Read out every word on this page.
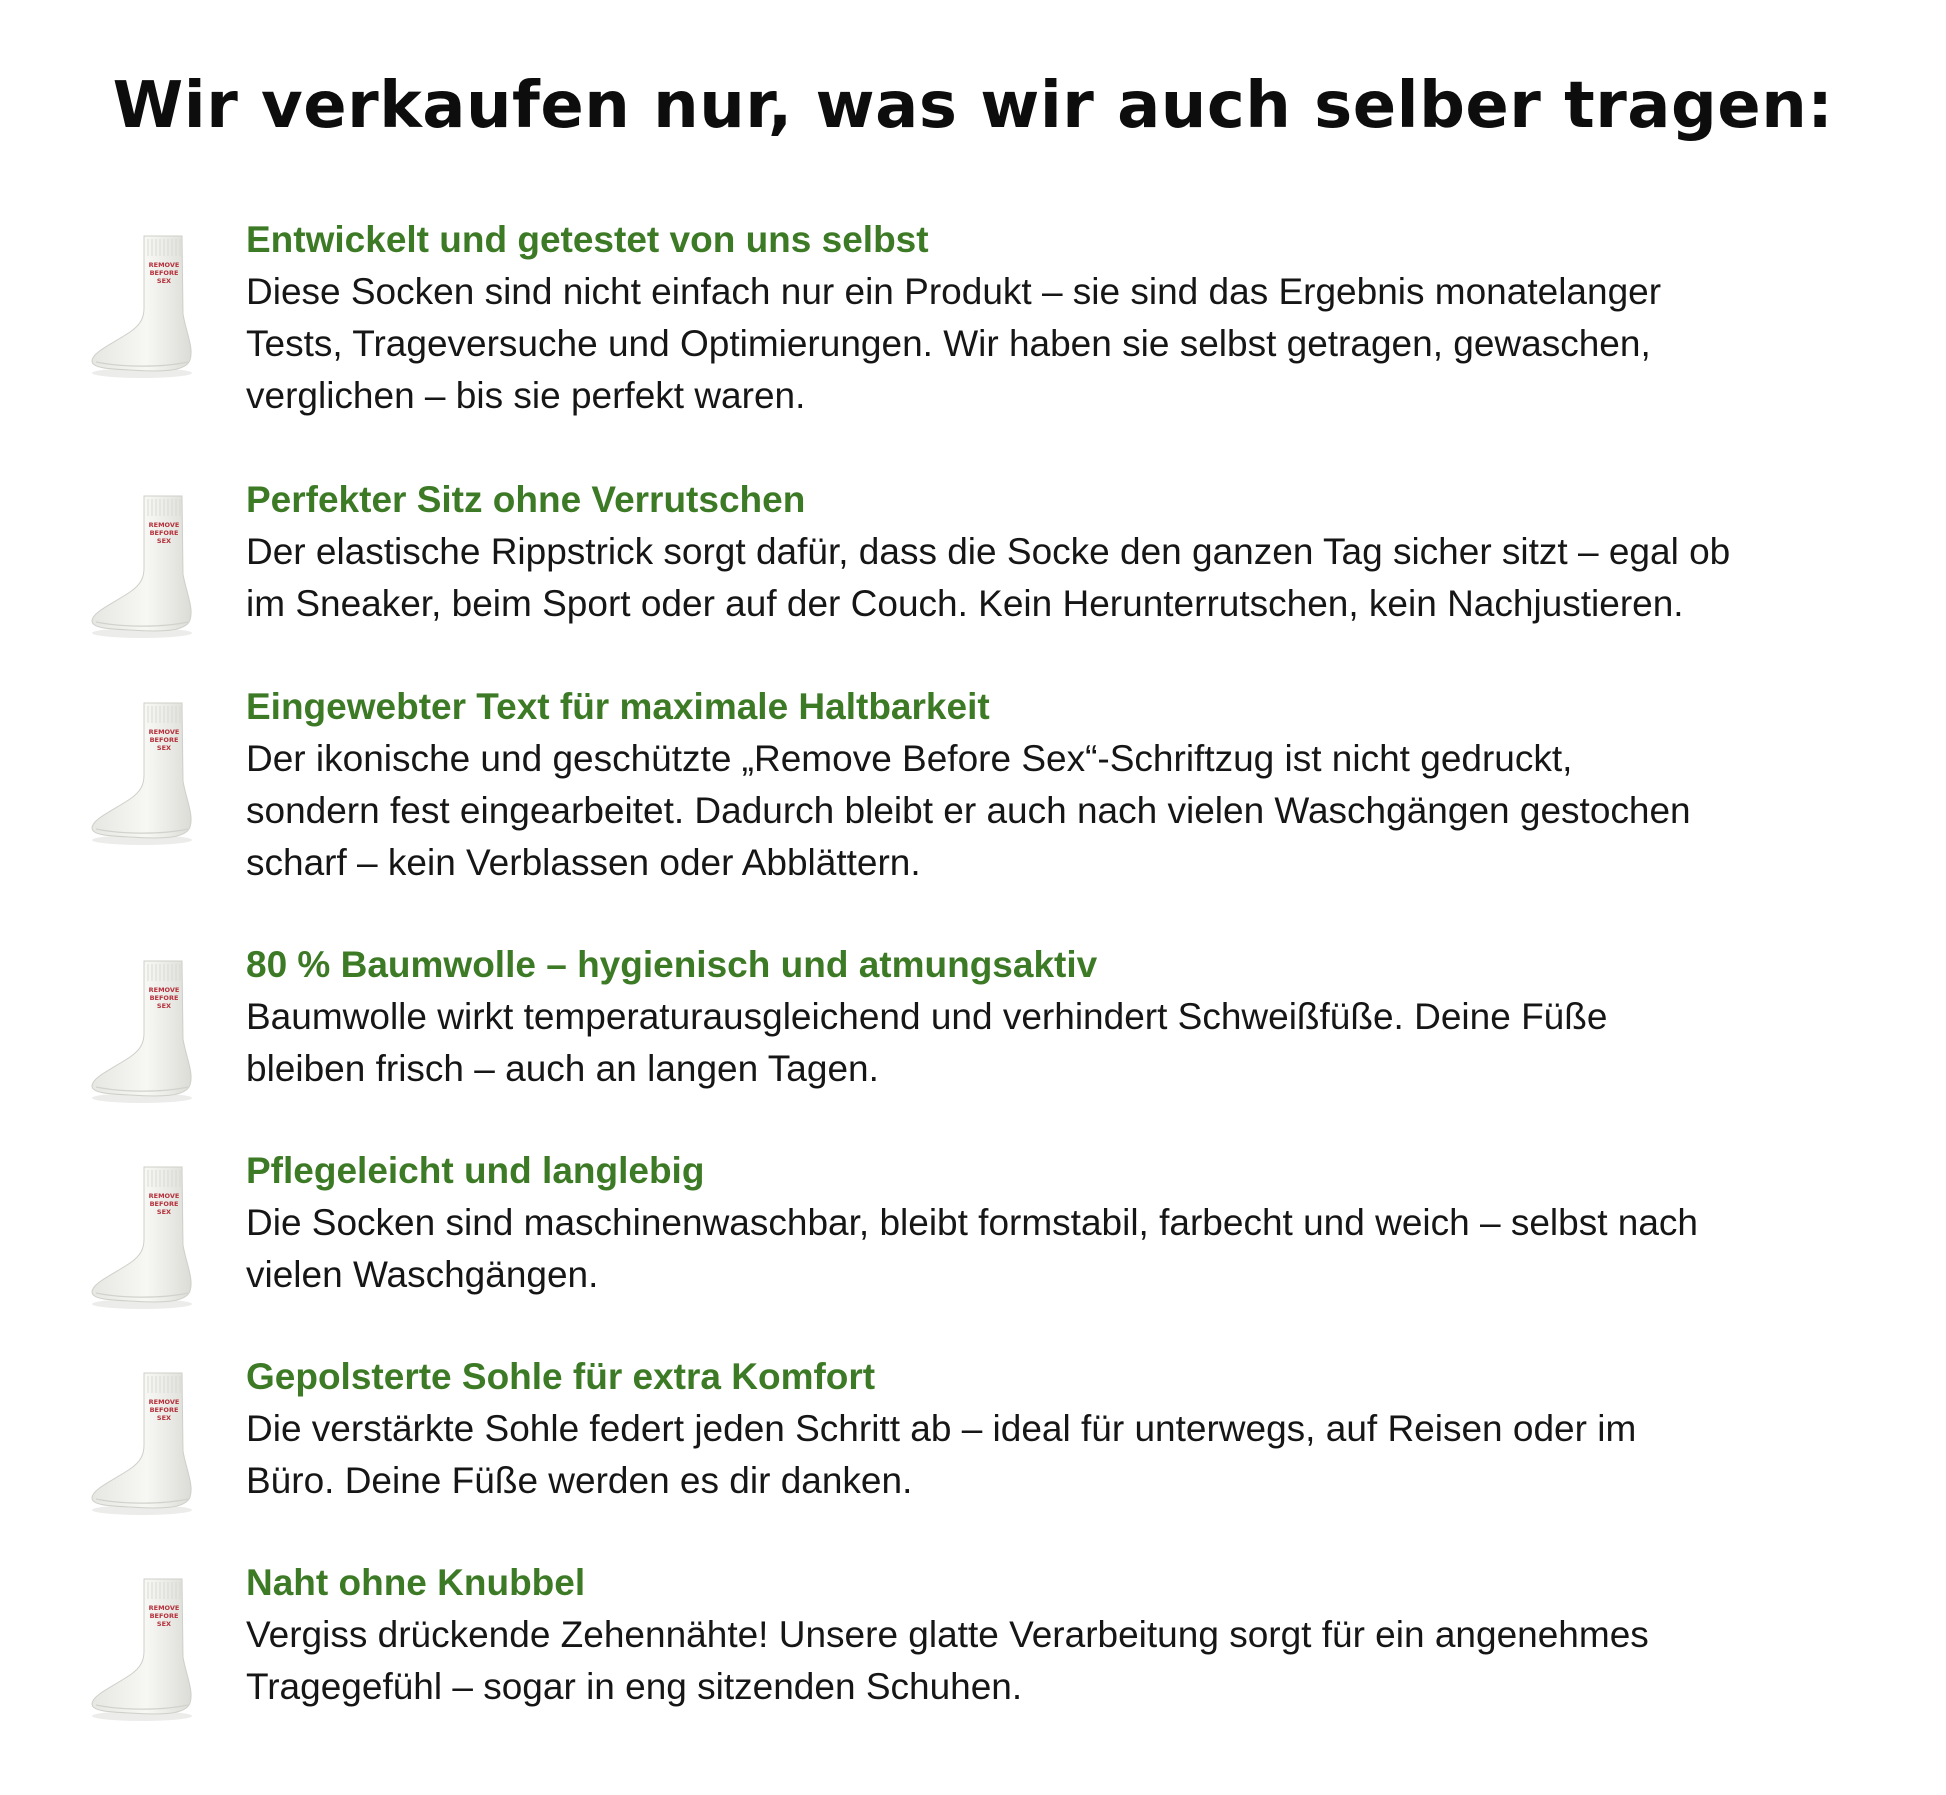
Wir verkaufen nur, was wir auch selber tragen:
REMOVE
BEFORE
SEX
Entwickelt und getestet von uns selbst

Diese Socken sind nicht einfach nur ein Produkt – sie sind das Ergebnis monatelanger

Tests, Trageversuche und Optimierungen. Wir haben sie selbst getragen, gewaschen,

verglichen – bis sie perfekt waren.

REMOVE
BEFORE
SEX
Perfekter Sitz ohne Verrutschen

Der elastische Rippstrick sorgt dafür, dass die Socke den ganzen Tag sicher sitzt – egal ob

im Sneaker, beim Sport oder auf der Couch. Kein Herunterrutschen, kein Nachjustieren.

REMOVE
BEFORE
SEX
Eingewebter Text für maximale Haltbarkeit

Der ikonische und geschützte „Remove Before Sex“-Schriftzug ist nicht gedruckt,

sondern fest eingearbeitet. Dadurch bleibt er auch nach vielen Waschgängen gestochen

scharf – kein Verblassen oder Abblättern.

REMOVE
BEFORE
SEX
80 % Baumwolle – hygienisch und atmungsaktiv

Baumwolle wirkt temperaturausgleichend und verhindert Schweißfüße. Deine Füße

bleiben frisch – auch an langen Tagen.

REMOVE
BEFORE
SEX
Pflegeleicht und langlebig

Die Socken sind maschinenwaschbar, bleibt formstabil, farbecht und weich – selbst nach

vielen Waschgängen.

REMOVE
BEFORE
SEX
Gepolsterte Sohle für extra Komfort

Die verstärkte Sohle federt jeden Schritt ab – ideal für unterwegs, auf Reisen oder im

Büro. Deine Füße werden es dir danken.

REMOVE
BEFORE
SEX
Naht ohne Knubbel

Vergiss drückende Zehennähte! Unsere glatte Verarbeitung sorgt für ein angenehmes

Tragegefühl – sogar in eng sitzenden Schuhen.
